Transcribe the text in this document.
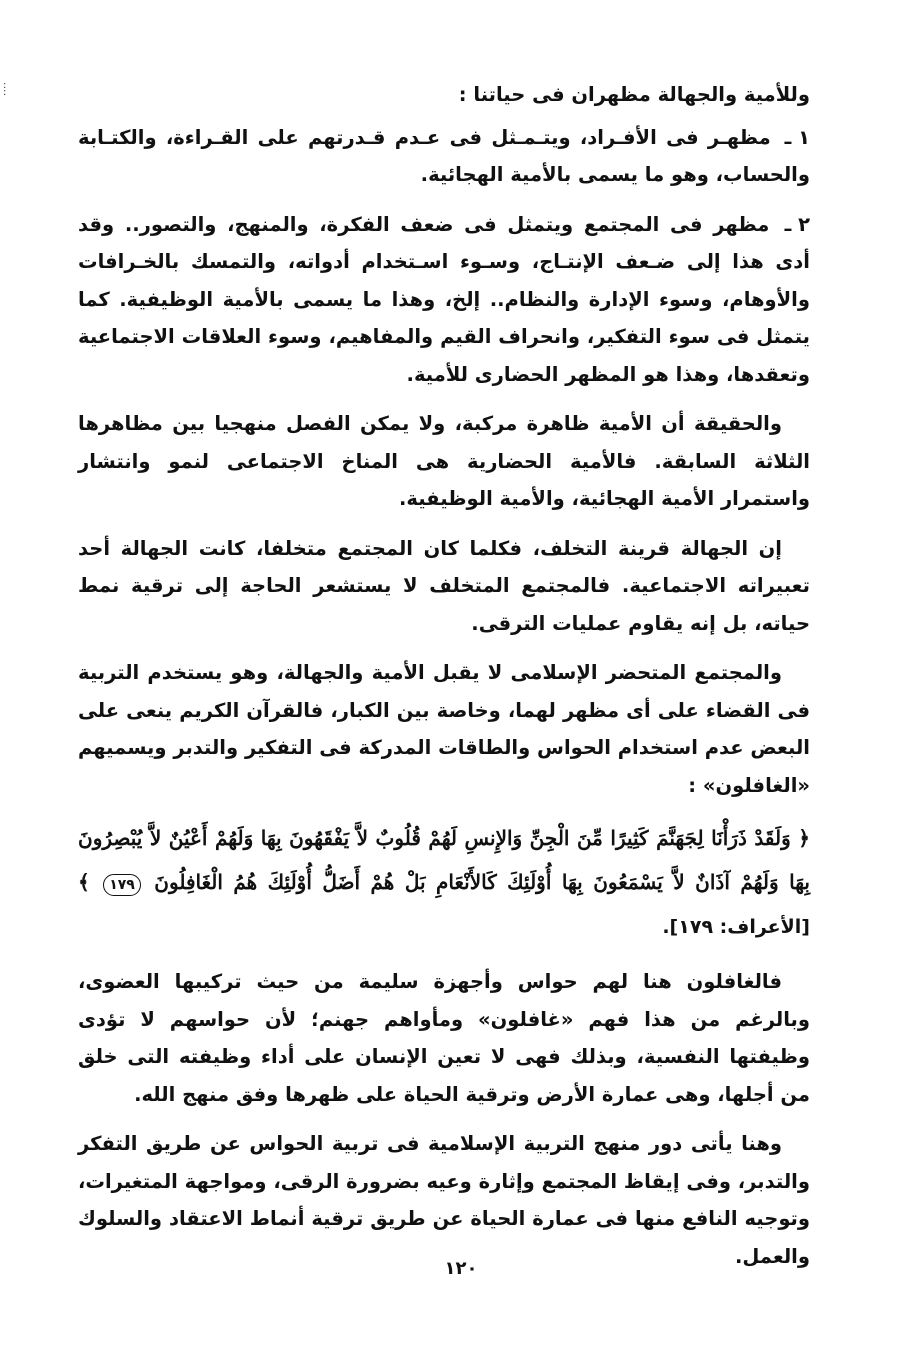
: :	وللأمية والجهالة مظهران فى حياتنا :

١ ـ مظهـر فى الأفـراد، ويتـمـثل فى عـدم قـدرتهم على القـراءة، والكتـابة والحساب، وهو ما يسمى بالأمية الهجائية.

٢ ـ مظهر فى المجتمع ويتمثل فى ضعف الفكرة، والمنهج، والتصور.. وقد أدى هذا إلى ضـعف الإنتـاج، وسـوء اسـتخدام أدواته، والتمسك بالخـرافات والأوهام، وسوء الإدارة والنظام.. إلخ، وهذا ما يسمى بالأمية الوظيفية. كما يتمثل فى سوء التفكير، وانحراف القيم والمفاهيم، وسوء العلاقات الاجتماعية وتعقدها، وهذا هو المظهر الحضارى للأمية.

والحقيقة أن الأمية ظاهرة مركبة، ولا يمكن الفصل منهجيا بين مظاهرها الثلاثة السابقة. فالأمية الحضارية هى المناخ الاجتماعى لنمو وانتشار واستمرار الأمية الهجائية، والأمية الوظيفية.

إن الجهالة قرينة التخلف، فكلما كان المجتمع متخلفا، كانت الجهالة أحد تعبيراته الاجتماعية. فالمجتمع المتخلف لا يستشعر الحاجة إلى ترقية نمط حياته، بل إنه يقاوم عمليات الترقى.

والمجتمع المتحضر الإسلامى لا يقبل الأمية والجهالة، وهو يستخدم التربية فى القضاء على أى مظهر لهما، وخاصة بين الكبار، فالقرآن الكريم ينعى على البعض عدم استخدام الحواس والطاقات المدركة فى التفكير والتدبر ويسميهم «الغافلون» :

﴿ وَلَقَدْ ذَرَأْنَا لِجَهَنَّمَ كَثِيرًا مِّنَ الْجِنِّ وَالإِنسِ لَهُمْ قُلُوبٌ لاَّ يَفْقَهُونَ بِهَا وَلَهُمْ أَعْيُنٌ لاَّ يُبْصِرُونَ بِهَا وَلَهُمْ آذَانٌ لاَّ يَسْمَعُونَ بِهَا أُوْلَئِكَ كَالأَنْعَامِ بَلْ هُمْ أَضَلُّ أُوْلَئِكَ هُمُ الْغَافِلُونَ ١٧٩ ﴾ [الأعراف: ١٧٩].

فالغافلون هنا لهم حواس وأجهزة سليمة من حيث تركيبها العضوى، وبالرغم من هذا فهم «غافلون» ومأواهم جهنم؛ لأن حواسهم لا تؤدى وظيفتها النفسية، وبذلك فهى لا تعين الإنسان على أداء وظيفته التى خلق من أجلها، وهى عمارة الأرض وترقية الحياة على ظهرها وفق منهج الله.

وهنا يأتى دور منهج التربية الإسلامية فى تربية الحواس عن طريق التفكر والتدبر، وفى إيقاظ المجتمع وإثارة وعيه بضرورة الرقى، ومواجهة المتغيرات، وتوجيه النافع منها فى عمارة الحياة عن طريق ترقية أنماط الاعتقاد والسلوك والعمل.

١٢٠
